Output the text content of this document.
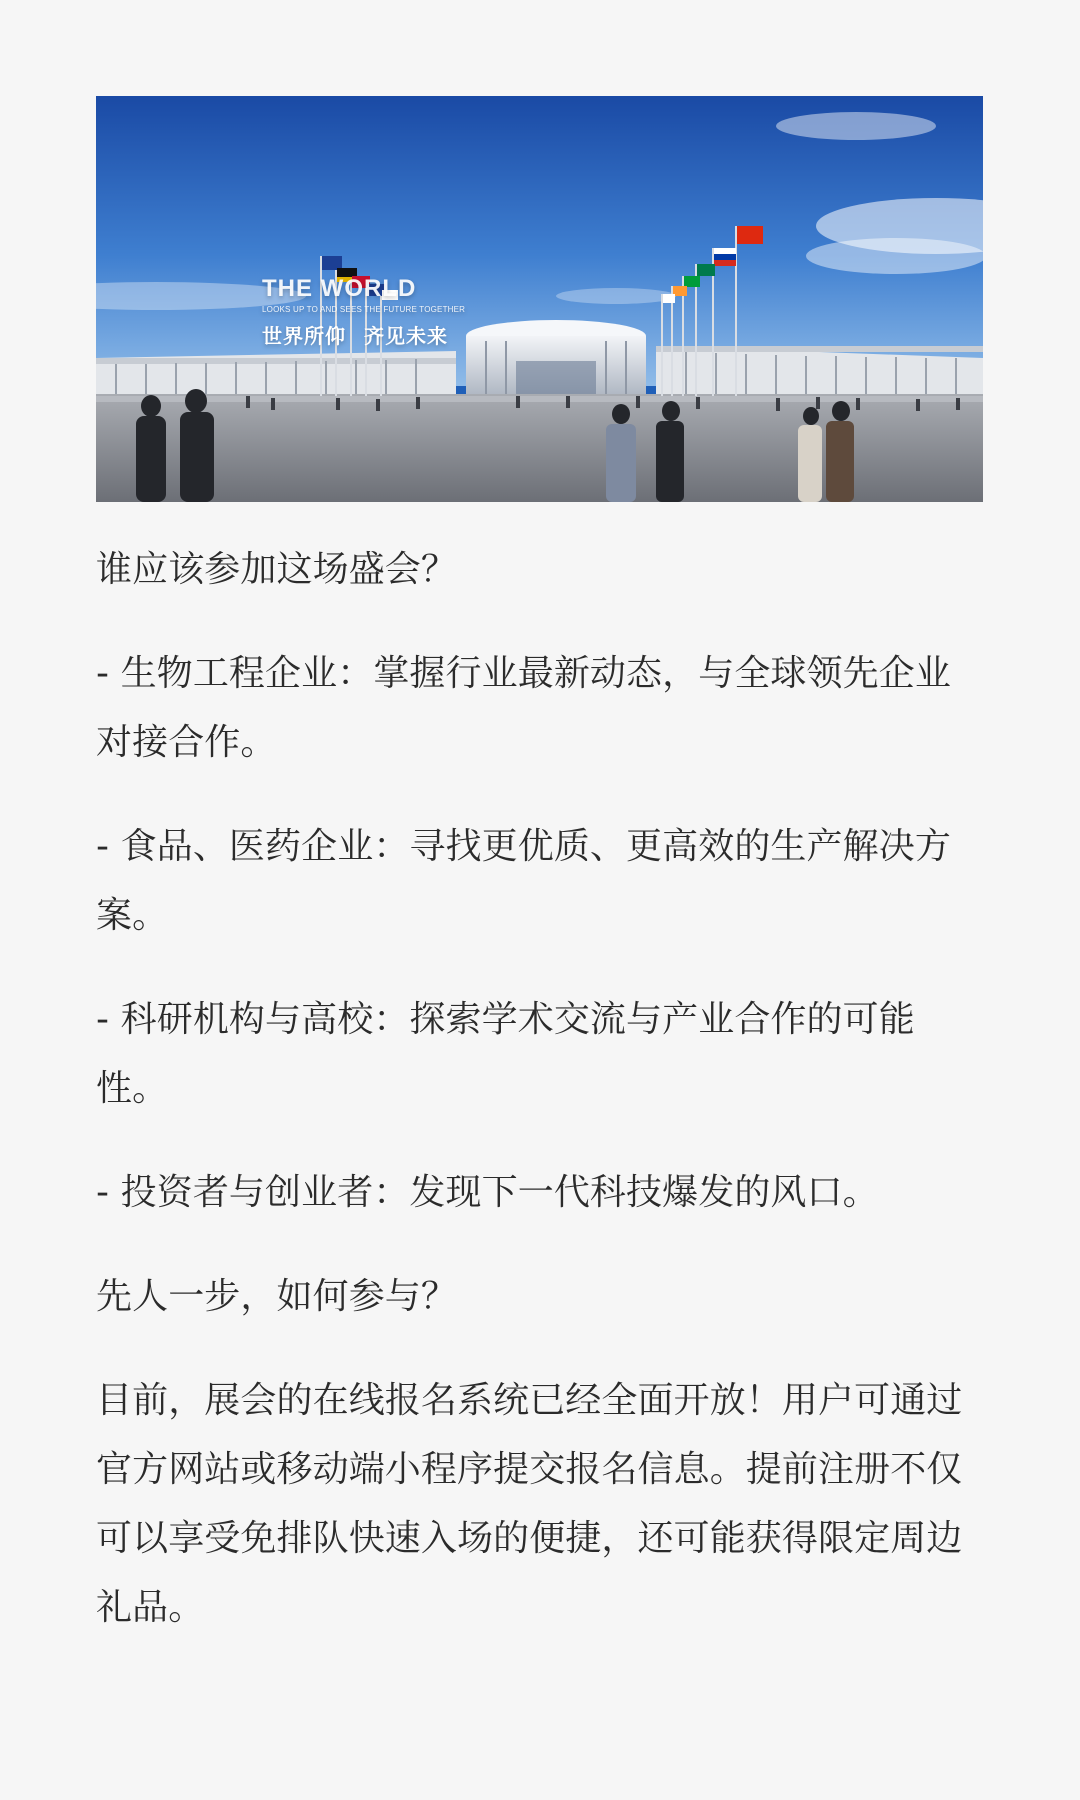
THE WORLD
LOOKS UP TO AND SEES THE FUTURE TOGETHER
世界所仰 齐见未来

谁应该参加这场盛会？

- 生物工程企业：掌握行业最新动态，与全球领先企业对接合作。

- 食品、医药企业：寻找更优质、更高效的生产解决方案。

- 科研机构与高校：探索学术交流与产业合作的可能性。

- 投资者与创业者：发现下一代科技爆发的风口。

先人一步，如何参与？

目前，展会的在线报名系统已经全面开放！用户可通过官方网站或移动端小程序提交报名信息。提前注册不仅可以享受免排队快速入场的便捷，还可能获得限定周边礼品。
